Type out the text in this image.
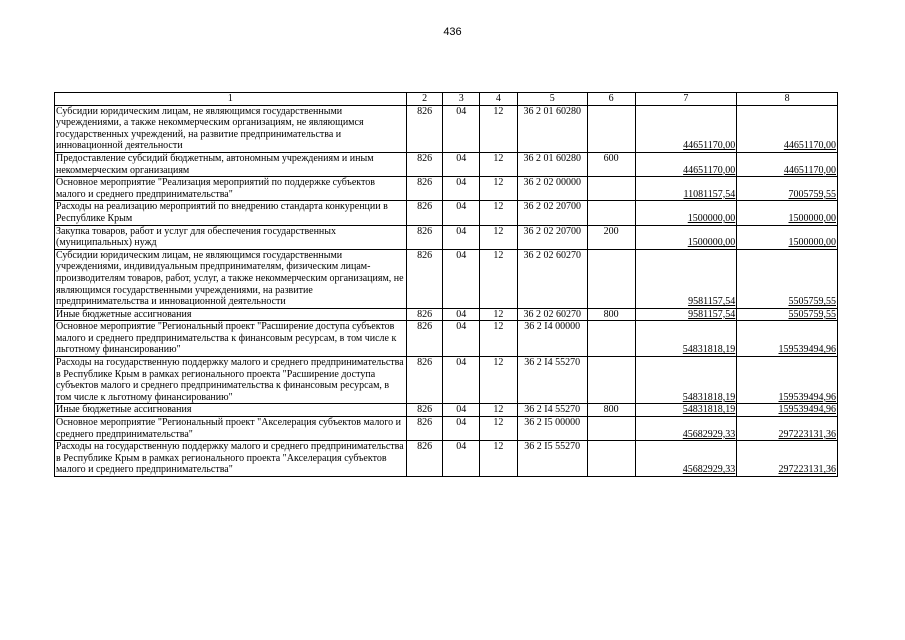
436
1	2	3	4	5	6	7	8
Субсидии юридическим лицам, не являющимся государственными учреждениями, а также некоммерческим организациям, не являющимся государственных учреждений, на развитие предпринимательства и инновационной деятельности	826	04	12	36 2 01 60280		44651170,00	44651170,00
Предоставление субсидий бюджетным, автономным учреждениям и иным некоммерческим организациям	826	04	12	36 2 01 60280	600	44651170,00	44651170,00
Основное мероприятие "Реализация мероприятий по поддержке субъектов малого и среднего предпринимательства"	826	04	12	36 2 02 00000		11081157,54	7005759,55
Расходы на реализацию мероприятий по внедрению стандарта конкуренции в Республике Крым	826	04	12	36 2 02 20700		1500000,00	1500000,00
Закупка товаров, работ и услуг для обеспечения государственных (муниципальных) нужд	826	04	12	36 2 02 20700	200	1500000,00	1500000,00
Субсидии юридическим лицам, не являющимся государственными учреждениями, индивидуальным предпринимателям, физическим лицам-производителям товаров, работ, услуг, а также некоммерческим организациям, не являющимся государственными учреждениями, на развитие предпринимательства и инновационной деятельности	826	04	12	36 2 02 60270		9581157,54	5505759,55
Иные бюджетные ассигнования	826	04	12	36 2 02 60270	800	9581157,54	5505759,55
Основное мероприятие "Региональный проект "Расширение доступа субъектов малого и среднего предпринимательства к финансовым ресурсам, в том числе к льготному финансированию"	826	04	12	36 2 I4 00000		54831818,19	159539494,96
Расходы на государственную поддержку малого и среднего предпринимательства в Республике Крым в рамках регионального проекта "Расширение доступа субъектов малого и среднего предпринимательства к финансовым ресурсам, в том числе к льготному финансированию"	826	04	12	36 2 I4 55270		54831818,19	159539494,96
Иные бюджетные ассигнования	826	04	12	36 2 I4 55270	800	54831818,19	159539494,96
Основное мероприятие "Региональный проект "Акселерация субъектов малого и среднего предпринимательства"	826	04	12	36 2 I5 00000		45682929,33	297223131,36
Расходы на государственную поддержку малого и среднего предпринимательства в Республике Крым в рамках регионального проекта "Акселерация субъектов малого и среднего предпринимательства"	826	04	12	36 2 I5 55270		45682929,33	297223131,36
